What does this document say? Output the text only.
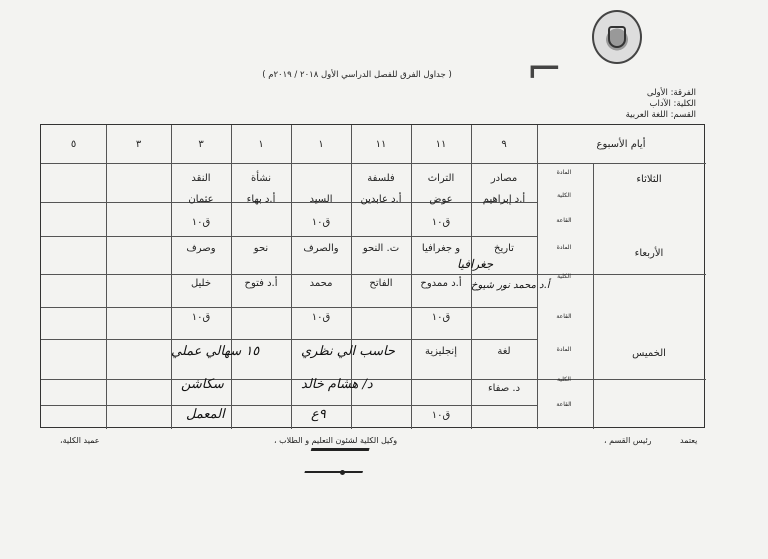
⌐
( جداول الفرق للفصل الدراسي الأول ٢٠١٨ / ٢٠١٩م )
الفرقة: الأولى
الكلية: الآداب
القسم: اللغة العربية
أيام الأسبوع
٩
١١
١١
١
١
٣
٣
٥
الثلاثاء
الأربعاء
الخميس
المادة
الكلية
القاعة
المادة
الكلية
القاعة
المادة
الكلية
القاعة
مصادر
التراث
فلسفة
نشأة
النقد
أ.د إبراهيم
عوض
أ.د عابدين
السيد
أ.د بهاء
عثمان
ق١٠
ق١٠
ق١٠
تاريخ
و جغرافيا
ت. النحو
والصرف
نحو
وصرف
جغرافيا
أ.د محمد نور شيوخ
أ.د ممدوح
الفاتح
محمد
أ.د فتوح
خليل
ق١٠
ق١٠
ق١٠
لغة
إنجليزية
حاسب الي نظري
١٥ سهالي عملي
د. صفاء
د/ هشام خالد
سكاشن
ق١٠
٩ع
المعمل
يعتمد
رئيس القسم ،
وكيل الكلية لشئون التعليم و الطلاب ،
عميد الكلية،
